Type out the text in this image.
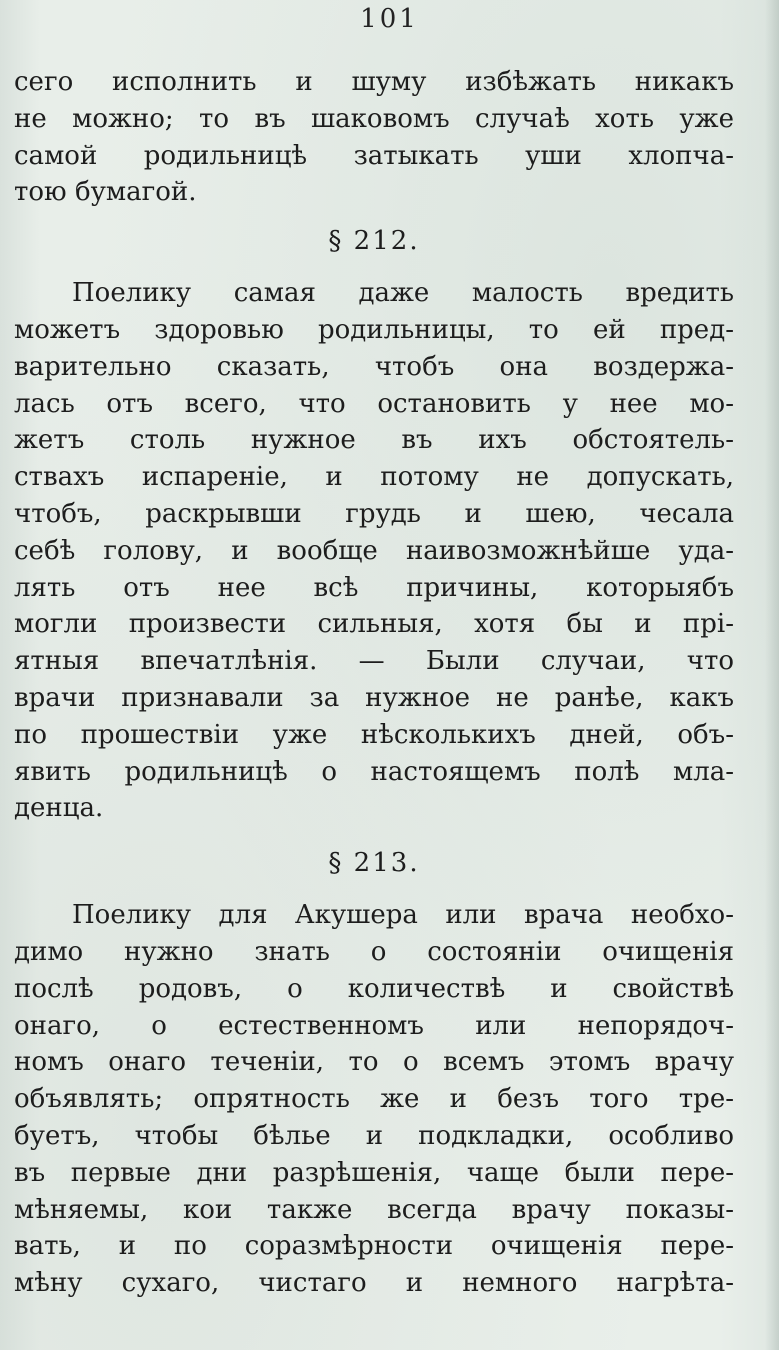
101
сего исполнить и шуму избѣжать никакъ
не можно; то въ шаковомъ случаѣ хоть уже
самой родильницѣ затыкать уши хлопча-
тою бумагой.
§ 212.
Поелику самая даже малость вредить
можетъ здоровью родильницы, то ей пред-
варительно сказать, чтобъ она воздержа-
лась отъ всего, что остановить у нее мо-
жетъ столь нужное въ ихъ обстоятель-
ствахъ испареніе, и потому не допускать,
чтобъ, раскрывши грудь и шею, чесала
себѣ голову, и вообще наивозможнѣйше уда-
лять отъ нее всѣ причины, которыябъ
могли произвести сильныя, хотя бы и прі-
ятныя впечатлѣнія. — Были случаи, что
врачи признавали за нужное не ранѣе, какъ
по прошествіи уже нѣсколькихъ дней, объ-
явить родильницѣ о настоящемъ полѣ мла-
денца.
§ 213.
Поелику для Акушера или врача необхо-
димо нужно знать о состояніи очищенія
послѣ родовъ, о количествѣ и свойствѣ
онаго, о естественномъ или непорядоч-
номъ онаго теченіи, то о всемъ этомъ врачу
объявлять; опрятность же и безъ того тре-
буетъ, чтобы бѣлье и подкладки, особливо
въ первые дни разрѣшенія, чаще были пере-
мѣняемы, кои также всегда врачу показы-
вать, и по соразмѣрности очищенія пере-
мѣну сухаго, чистаго и немного нагрѣта-
